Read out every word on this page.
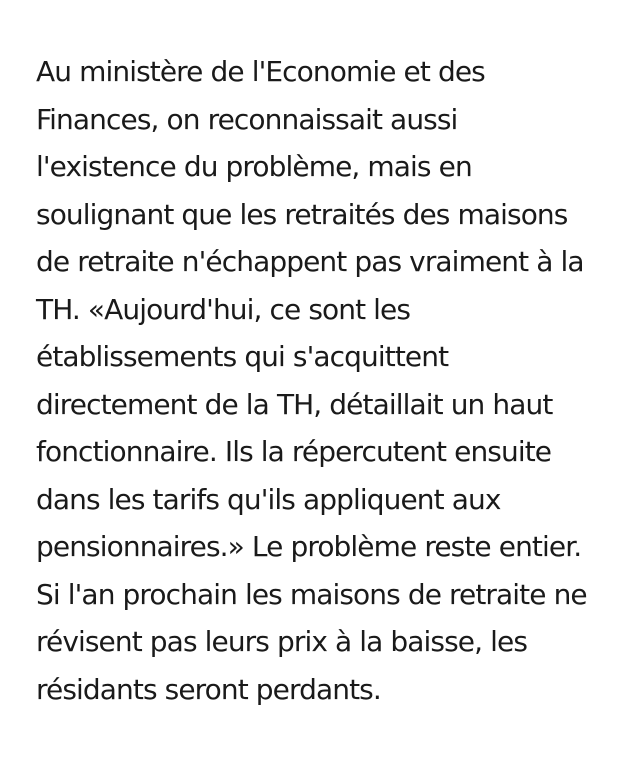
Au ministère de l'Economie et des
Finances, on reconnaissait aussi
l'existence du problème, mais en
soulignant que les retraités des maisons
de retraite n'échappent pas vraiment à la
TH. «Aujourd'hui, ce sont les
établissements qui s'acquittent
directement de la TH, détaillait un haut
fonctionnaire. Ils la répercutent ensuite
dans les tarifs qu'ils appliquent aux
pensionnaires.» Le problème reste entier.
Si l'an prochain les maisons de retraite ne
révisent pas leurs prix à la baisse, les
résidants seront perdants.
